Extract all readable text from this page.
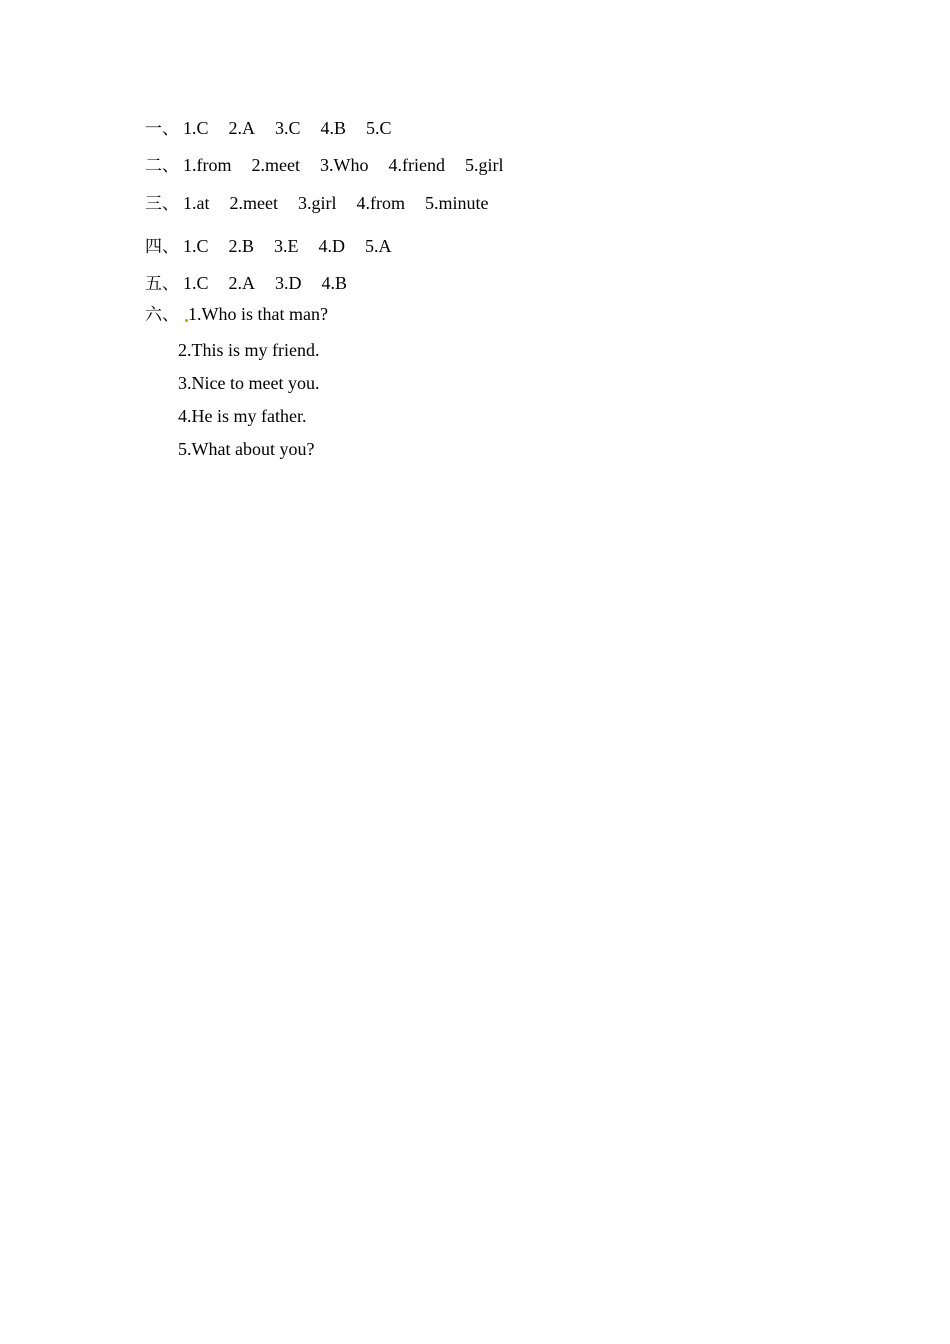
一、 1.C 2.A 3.C 4.B 5.C
二、 1.from 2.meet 3.Who 4.friend 5.girl
三、 1.at 2.meet 3.girl 4.from 5.minute
四、 1.C 2.B 3.E 4.D 5.A
五、 1.C 2.A 3.D 4.B
六、 1.Who is that man?
2.This is my friend.
3.Nice to meet you.
4.He is my father.
5.What about you?
